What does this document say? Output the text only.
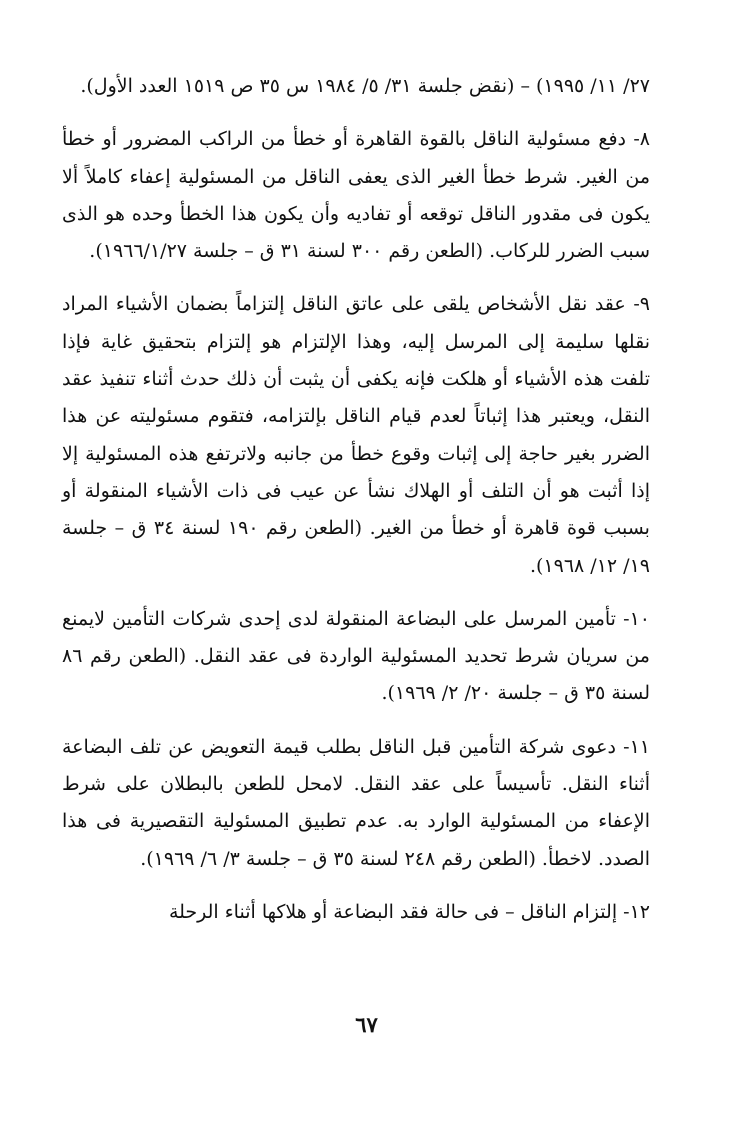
٢٧/ ١١/ ١٩٩٥) – (نقض جلسة ٣١/ ٥/ ١٩٨٤ س ٣٥ ص ١٥١٩ العدد الأول).

٨- دفع مسئولية الناقل بالقوة القاهرة أو خطأ من الراكب المضرور أو خطأ من الغير. شرط خطأ الغير الذى يعفى الناقل من المسئولية إعفاء كاملاً ألا يكون فى مقدور الناقل توقعه أو تفاديه وأن يكون هذا الخطأ وحده هو الذى سبب الضرر للركاب. (الطعن رقم ٣٠٠ لسنة ٣١ ق – جلسة ١٩٦٦/١/٢٧).

٩- عقد نقل الأشخاص يلقى على عاتق الناقل إلتزاماً بضمان الأشياء المراد نقلها سليمة إلى المرسل إليه، وهذا الإلتزام هو إلتزام بتحقيق غاية فإذا تلفت هذه الأشياء أو هلكت فإنه يكفى أن يثبت أن ذلك حدث أثناء تنفيذ عقد النقل، ويعتبر هذا إثباتاً لعدم قيام الناقل بإلتزامه، فتقوم مسئوليته عن هذا الضرر بغير حاجة إلى إثبات وقوع خطأ من جانبه ولاترتفع هذه المسئولية إلا إذا أثبت هو أن التلف أو الهلاك نشأ عن عيب فى ذات الأشياء المنقولة أو بسبب قوة قاهرة أو خطأ من الغير. (الطعن رقم ١٩٠ لسنة ٣٤ ق – جلسة ١٩/ ١٢/ ١٩٦٨).

١٠- تأمين المرسل على البضاعة المنقولة لدى إحدى شركات التأمين لايمنع من سريان شرط تحديد المسئولية الواردة فى عقد النقل. (الطعن رقم ٨٦ لسنة ٣٥ ق – جلسة ٢٠/ ٢/ ١٩٦٩).

١١- دعوى شركة التأمين قبل الناقل بطلب قيمة التعويض عن تلف البضاعة أثناء النقل. تأسيساً على عقد النقل. لامحل للطعن بالبطلان على شرط الإعفاء من المسئولية الوارد به. عدم تطبيق المسئولية التقصيرية فى هذا الصدد. لاخطأ. (الطعن رقم ٢٤٨ لسنة ٣٥ ق – جلسة ٣/ ٦/ ١٩٦٩).

١٢- إلتزام الناقل – فى حالة فقد البضاعة أو هلاكها أثناء الرحلة

٦٧
